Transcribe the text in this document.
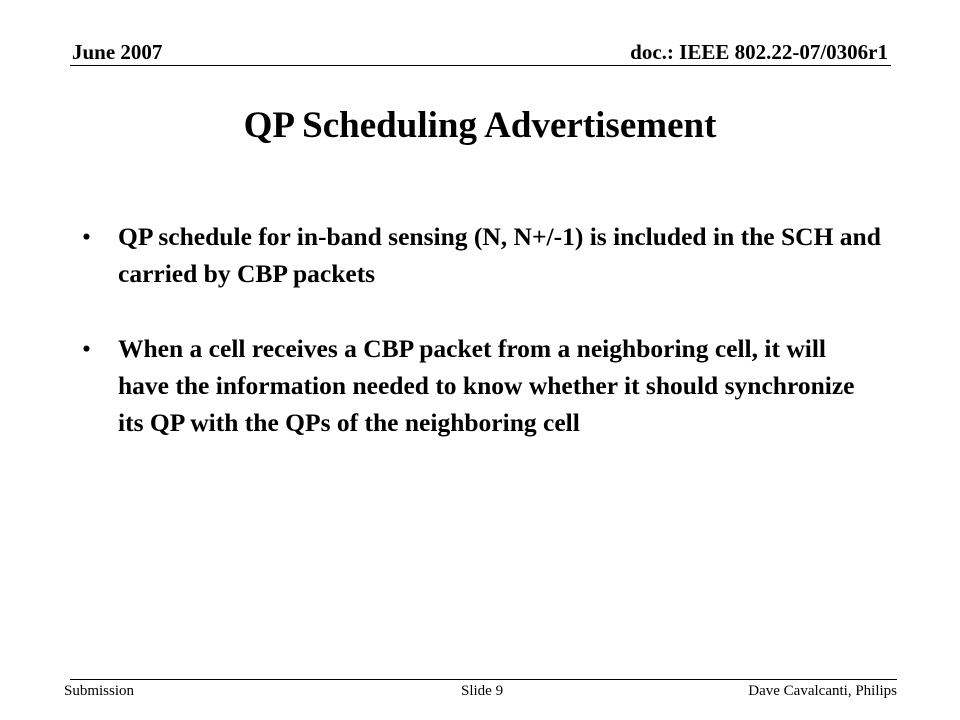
June 2007	doc.: IEEE 802.22-07/0306r1
QP Scheduling Advertisement
• QP schedule for in-band sensing (N, N+/-1) is included in the SCH and carried by CBP packets
• When a cell receives a CBP packet from a neighboring cell, it will have the information needed to know whether it should synchronize its QP with the QPs of the neighboring cell
Submission	Slide 9	Dave Cavalcanti, Philips
